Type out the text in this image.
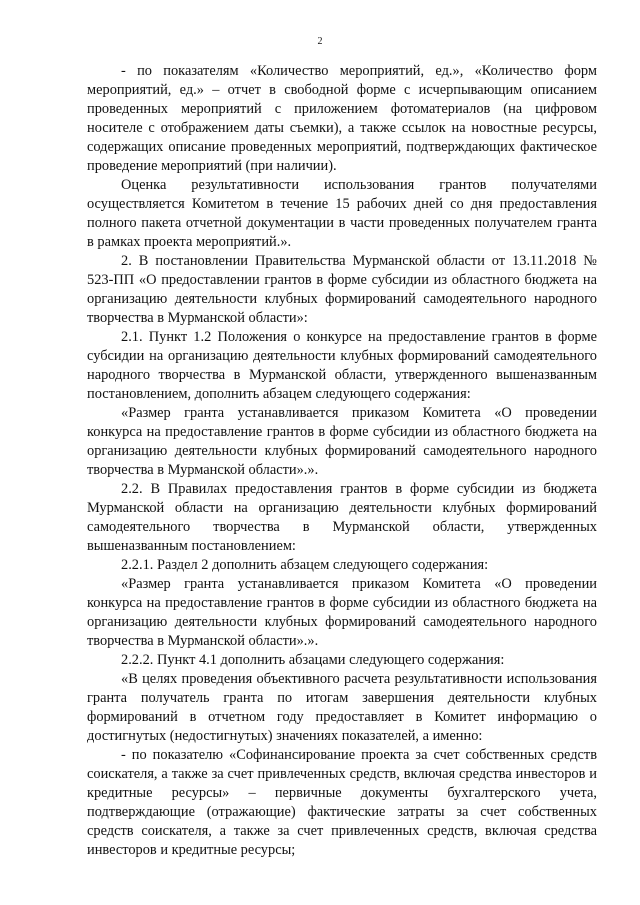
2

- по показателям «Количество мероприятий, ед.», «Количество форм мероприятий, ед.» – отчет в свободной форме с исчерпывающим описанием проведенных мероприятий с приложением фотоматериалов (на цифровом носителе с отображением даты съемки), а также ссылок на новостные ресурсы, содержащих описание проведенных мероприятий, подтверждающих фактическое проведение мероприятий (при наличии).

Оценка результативности использования грантов получателями осуществляется Комитетом в течение 15 рабочих дней со дня предоставления полного пакета отчетной документации в части проведенных получателем гранта в рамках проекта мероприятий.».

2. В постановлении Правительства Мурманской области от 13.11.2018 № 523-ПП «О предоставлении грантов в форме субсидии из областного бюджета на организацию деятельности клубных формирований самодеятельного народного творчества в Мурманской области»:

2.1. Пункт 1.2 Положения о конкурсе на предоставление грантов в форме субсидии на организацию деятельности клубных формирований самодеятельного народного творчества в Мурманской области, утвержденного вышеназванным постановлением, дополнить абзацем следующего содержания:

«Размер гранта устанавливается приказом Комитета «О проведении конкурса на предоставление грантов в форме субсидии из областного бюджета на организацию деятельности клубных формирований самодеятельного народного творчества в Мурманской области».».

2.2. В Правилах предоставления грантов в форме субсидии из бюджета Мурманской области на организацию деятельности клубных формирований самодеятельного творчества в Мурманской области, утвержденных вышеназванным постановлением:

2.2.1. Раздел 2 дополнить абзацем следующего содержания:

«Размер гранта устанавливается приказом Комитета «О проведении конкурса на предоставление грантов в форме субсидии из областного бюджета на организацию деятельности клубных формирований самодеятельного народного творчества в Мурманской области».».

2.2.2. Пункт 4.1 дополнить абзацами следующего содержания:

«В целях проведения объективного расчета результативности использования гранта получатель гранта по итогам завершения деятельности клубных формирований в отчетном году предоставляет в Комитет информацию о достигнутых (недостигнутых) значениях показателей, а именно:

- по показателю «Софинансирование проекта за счет собственных средств соискателя, а также за счет привлеченных средств, включая средства инвесторов и кредитные ресурсы» – первичные документы бухгалтерского учета, подтверждающие (отражающие) фактические затраты за счет собственных средств соискателя, а также за счет привлеченных средств, включая средства инвесторов и кредитные ресурсы;
